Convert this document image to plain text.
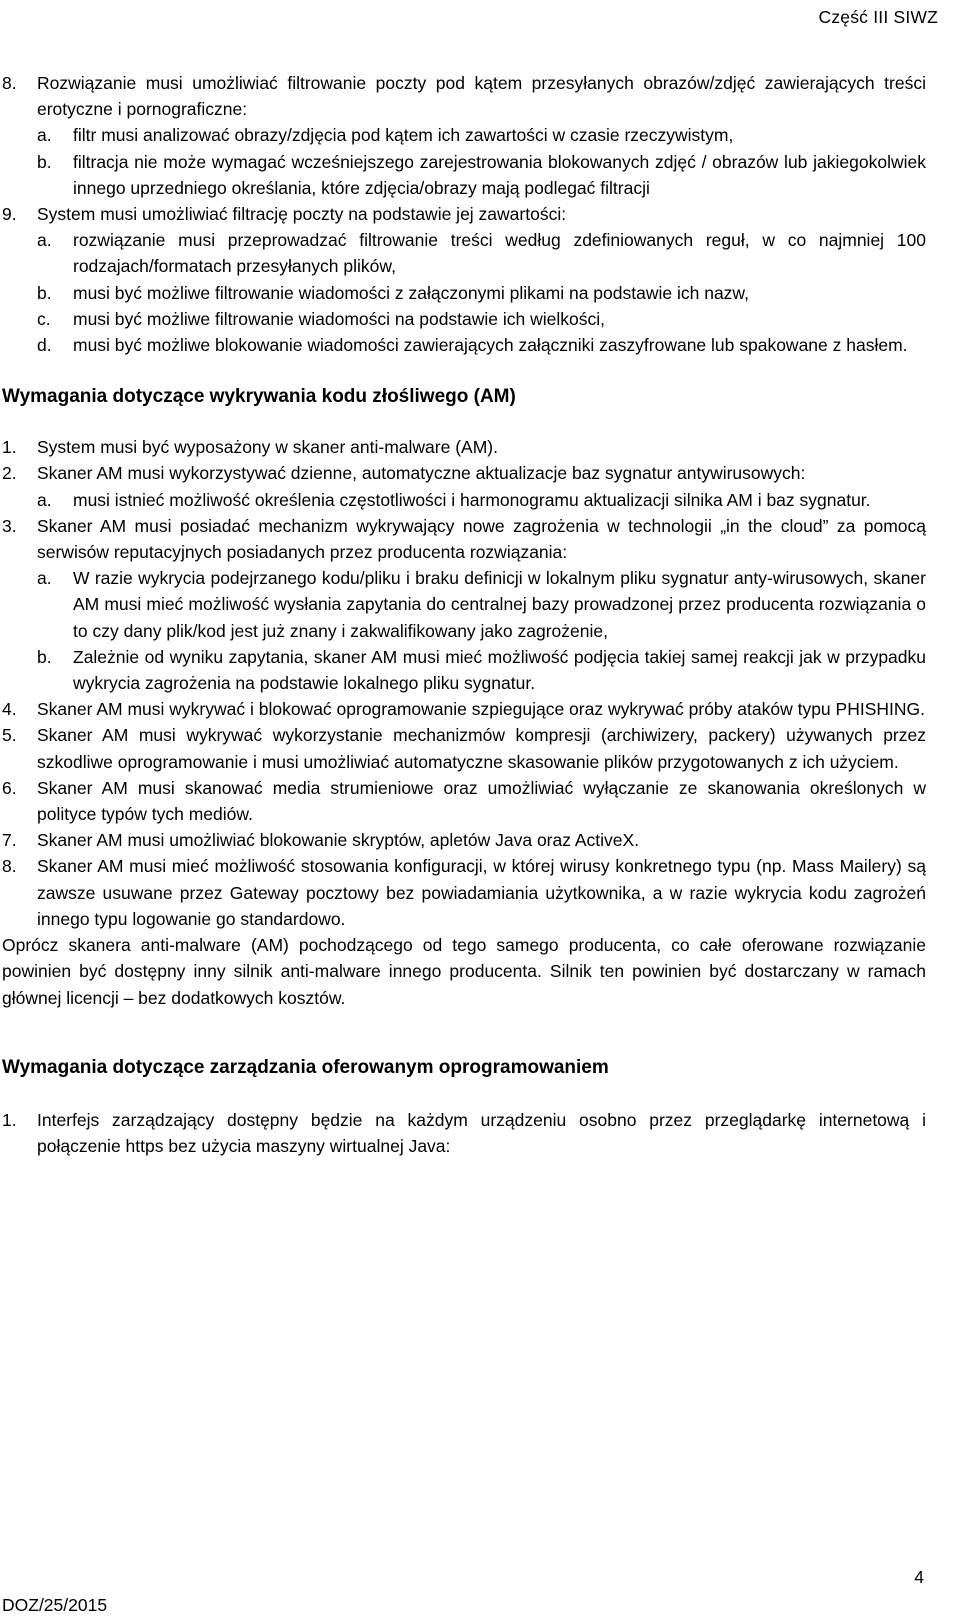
Część III SIWZ
8.	Rozwiązanie musi umożliwiać filtrowanie poczty pod kątem przesyłanych obrazów/zdjęć zawierających treści erotyczne i pornograficzne:
a.	filtr musi analizować obrazy/zdjęcia pod kątem ich zawartości w czasie rzeczywistym,
b.	filtracja nie może wymagać wcześniejszego zarejestrowania blokowanych zdjęć / obrazów lub jakiegokolwiek innego uprzedniego określania, które zdjęcia/obrazy mają podlegać filtracji
9.	System musi umożliwiać filtrację poczty na podstawie jej zawartości:
a.	rozwiązanie musi przeprowadzać filtrowanie treści według zdefiniowanych reguł, w co najmniej 100 rodzajach/formatach przesyłanych plików,
b.	musi być możliwe filtrowanie wiadomości z załączonymi plikami na podstawie ich nazw,
c.	musi być możliwe filtrowanie wiadomości na podstawie ich wielkości,
d.	musi być możliwe blokowanie wiadomości zawierających załączniki zaszyfrowane lub spakowane z hasłem.
Wymagania dotyczące wykrywania kodu złośliwego (AM)
1.	System musi być wyposażony w skaner anti-malware (AM).
2.	Skaner AM musi wykorzystywać dzienne, automatyczne aktualizacje baz sygnatur antywirusowych:
a.	musi istnieć możliwość określenia częstotliwości i harmonogramu aktualizacji silnika AM i baz sygnatur.
3.	Skaner AM musi posiadać mechanizm wykrywający nowe zagrożenia w technologii „in the cloud” za pomocą serwisów reputacyjnych posiadanych przez producenta rozwiązania:
a.	W razie wykrycia podejrzanego kodu/pliku i braku definicji w lokalnym pliku sygnatur anty-wirusowych, skaner AM musi mieć możliwość wysłania zapytania do centralnej bazy prowadzonej przez producenta rozwiązania o to czy dany plik/kod jest już znany i zakwalifikowany jako zagrożenie,
b.	Zależnie od wyniku zapytania, skaner AM musi mieć możliwość podjęcia takiej samej reakcji jak w przypadku wykrycia zagrożenia na podstawie lokalnego pliku sygnatur.
4.	Skaner AM musi wykrywać i blokować oprogramowanie szpiegujące oraz wykrywać próby ataków typu PHISHING.
5.	Skaner AM musi wykrywać wykorzystanie mechanizmów kompresji (archiwizery, packery) używanych przez szkodliwe oprogramowanie i musi umożliwiać automatyczne skasowanie plików przygotowanych z ich użyciem.
6.	Skaner AM musi skanować media strumieniowe oraz umożliwiać wyłączanie ze skanowania określonych w polityce typów tych mediów.
7.	Skaner AM musi umożliwiać blokowanie skryptów, apletów Java oraz ActiveX.
8.	Skaner AM musi mieć możliwość stosowania konfiguracji, w której wirusy konkretnego typu (np. Mass Mailery) są zawsze usuwane przez Gateway pocztowy bez powiadamiania użytkownika, a w razie wykrycia kodu zagrożeń innego typu logowanie go standardowo.
Oprócz skanera anti-malware (AM) pochodzącego od tego samego producenta, co całe oferowane rozwiązanie powinien być dostępny inny silnik anti-malware innego producenta. Silnik ten powinien być dostarczany w ramach głównej licencji – bez dodatkowych kosztów.
Wymagania dotyczące zarządzania oferowanym oprogramowaniem
1.	Interfejs zarządzający dostępny będzie na każdym urządzeniu osobno przez przeglądarkę internetową i połączenie https bez użycia maszyny wirtualnej Java:
4
DOZ/25/2015
